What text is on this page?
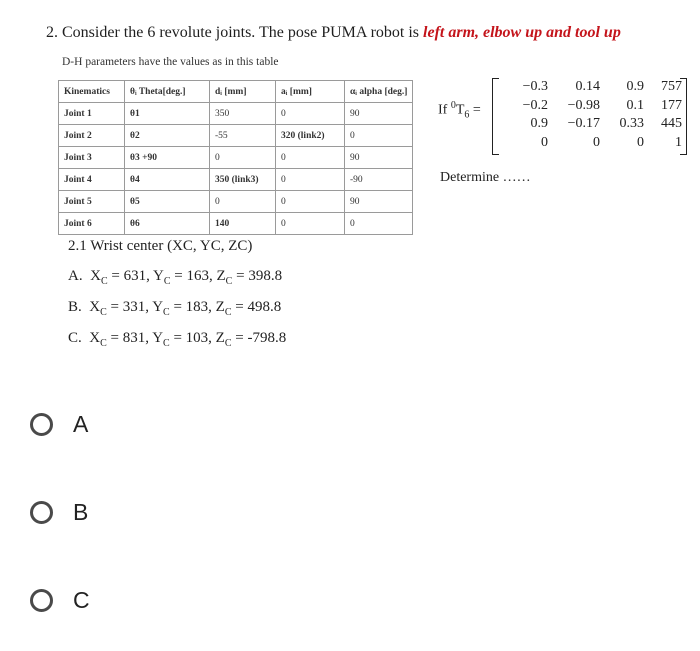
2. Consider the 6 revolute joints. The pose PUMA robot is left arm, elbow up and tool up
D-H parameters have the values as in this table
Kinematics	θᵢ Theta[deg.]	dᵢ [mm]	aᵢ [mm]	αᵢ alpha [deg.]
Joint 1	θ1	350	0	90
Joint 2	θ2	-55	320 (link2)	0
Joint 3	θ3 +90	0	0	90
Joint 4	θ4	350 (link3)	0	-90
Joint 5	θ5	0	0	90
Joint 6	θ6	140	0	0
If $^0T_6$ =
−0.3	0.14	0.9	757
−0.2	−0.98	0.1	177
0.9	−0.17	0.33	445
0	0	0	1
Determine ……
2.1 Wrist center (XC, YC, ZC)
A.  $X_C = 631$, $Y_C = 163$, $Z_C = 398.8$
B.  $X_C = 331$, $Y_C = 183$, $Z_C = 498.8$
C.  $X_C = 831$, $Y_C = 103$, $Z_C = -798.8$
A
B
C
